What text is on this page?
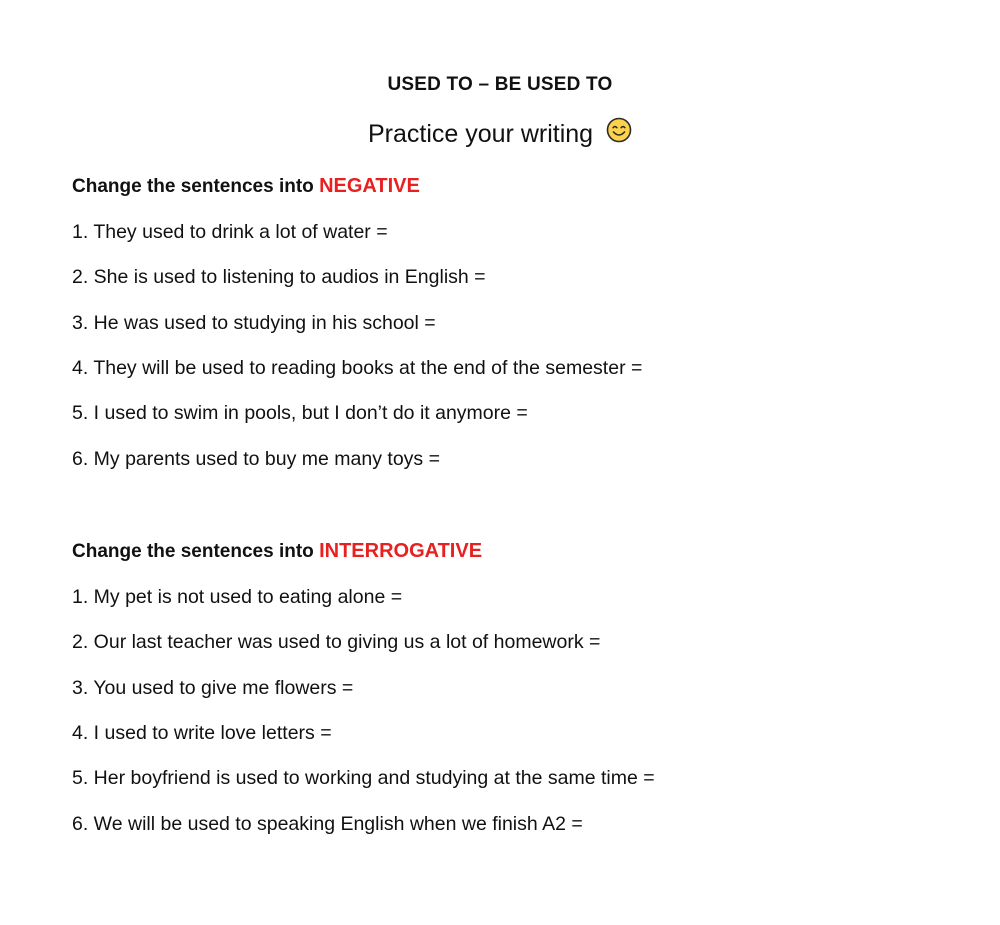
USED TO – BE USED TO
Practice your writing
Change the sentences into NEGATIVE
1. They used to drink a lot of water =
2. She is used to listening to audios in English =
3. He was used to studying in his school =
4. They will be used to reading books at the end of the semester =
5. I used to swim in pools, but I don’t do it anymore =
6. My parents used to buy me many toys =
Change the sentences into INTERROGATIVE
1. My pet is not used to eating alone =
2. Our last teacher was used to giving us a lot of homework =
3. You used to give me flowers =
4. I used to write love letters =
5. Her boyfriend is used to working and studying at the same time =
6. We will be used to speaking English when we finish A2 =
